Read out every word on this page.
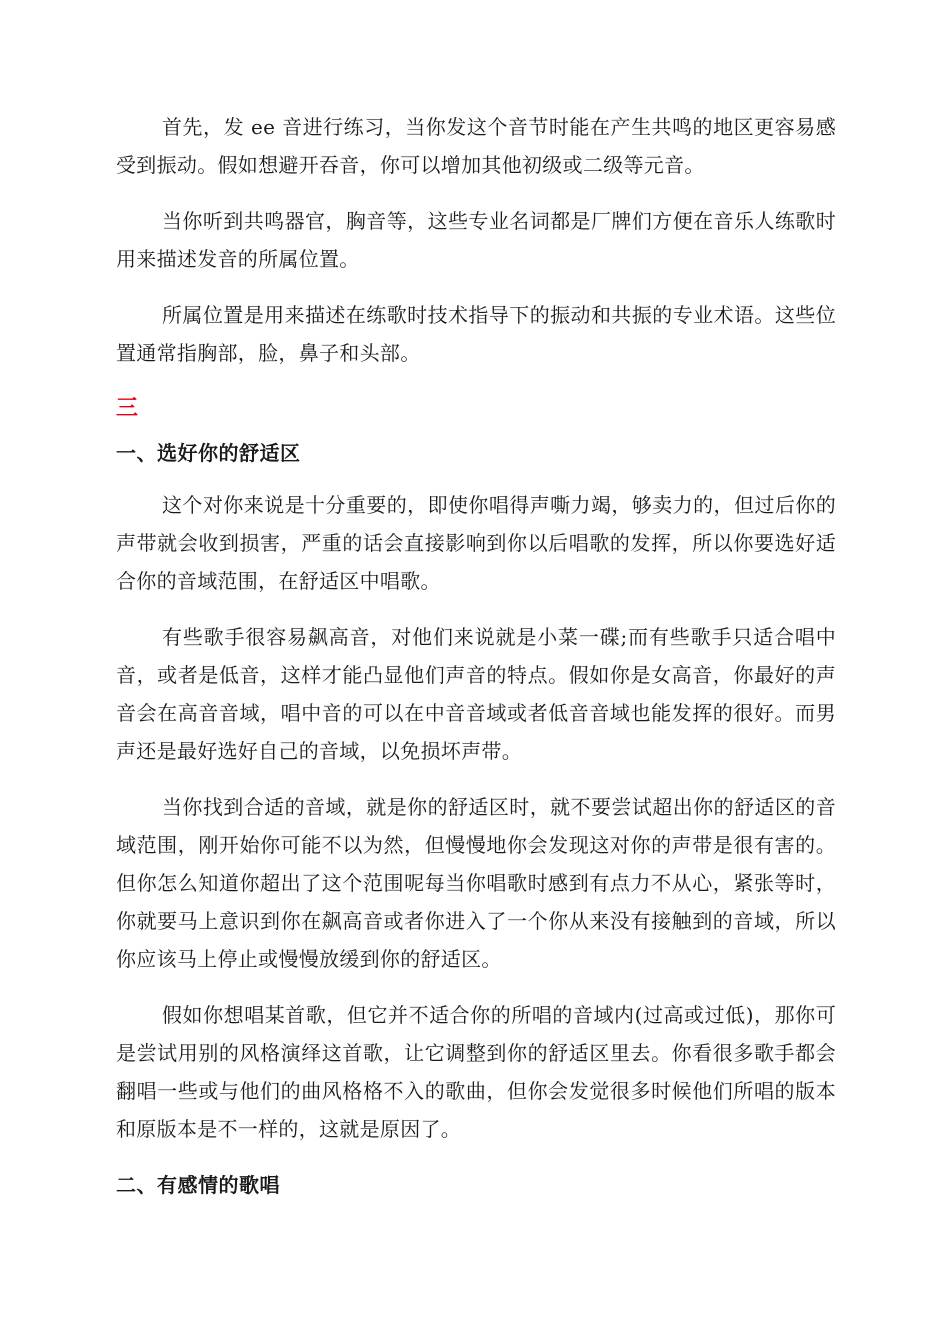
首先，发 ee 音进行练习，当你发这个音节时能在产生共鸣的地区更容易感受到振动。假如想避开吞音，你可以增加其他初级或二级等元音。

当你听到共鸣器官，胸音等，这些专业名词都是厂牌们方便在音乐人练歌时用来描述发音的所属位置。

所属位置是用来描述在练歌时技术指导下的振动和共振的专业术语。这些位置通常指胸部，脸，鼻子和头部。

三
一、选好你的舒适区

这个对你来说是十分重要的，即使你唱得声嘶力竭，够卖力的，但过后你的声带就会收到损害，严重的话会直接影响到你以后唱歌的发挥，所以你要选好适合你的音域范围，在舒适区中唱歌。

有些歌手很容易飙高音，对他们来说就是小菜一碟;而有些歌手只适合唱中音，或者是低音，这样才能凸显他们声音的特点。假如你是女高音，你最好的声音会在高音音域，唱中音的可以在中音音域或者低音音域也能发挥的很好。而男声还是最好选好自己的音域，以免损坏声带。

当你找到合适的音域，就是你的舒适区时，就不要尝试超出你的舒适区的音域范围，刚开始你可能不以为然，但慢慢地你会发现这对你的声带是很有害的。但你怎么知道你超出了这个范围呢每当你唱歌时感到有点力不从心，紧张等时，你就要马上意识到你在飙高音或者你进入了一个你从来没有接触到的音域，所以你应该马上停止或慢慢放缓到你的舒适区。

假如你想唱某首歌，但它并不适合你的所唱的音域内(过高或过低)，那你可是尝试用别的风格演绎这首歌，让它调整到你的舒适区里去。你看很多歌手都会翻唱一些或与他们的曲风格格不入的歌曲，但你会发觉很多时候他们所唱的版本和原版本是不一样的，这就是原因了。

二、有感情的歌唱
